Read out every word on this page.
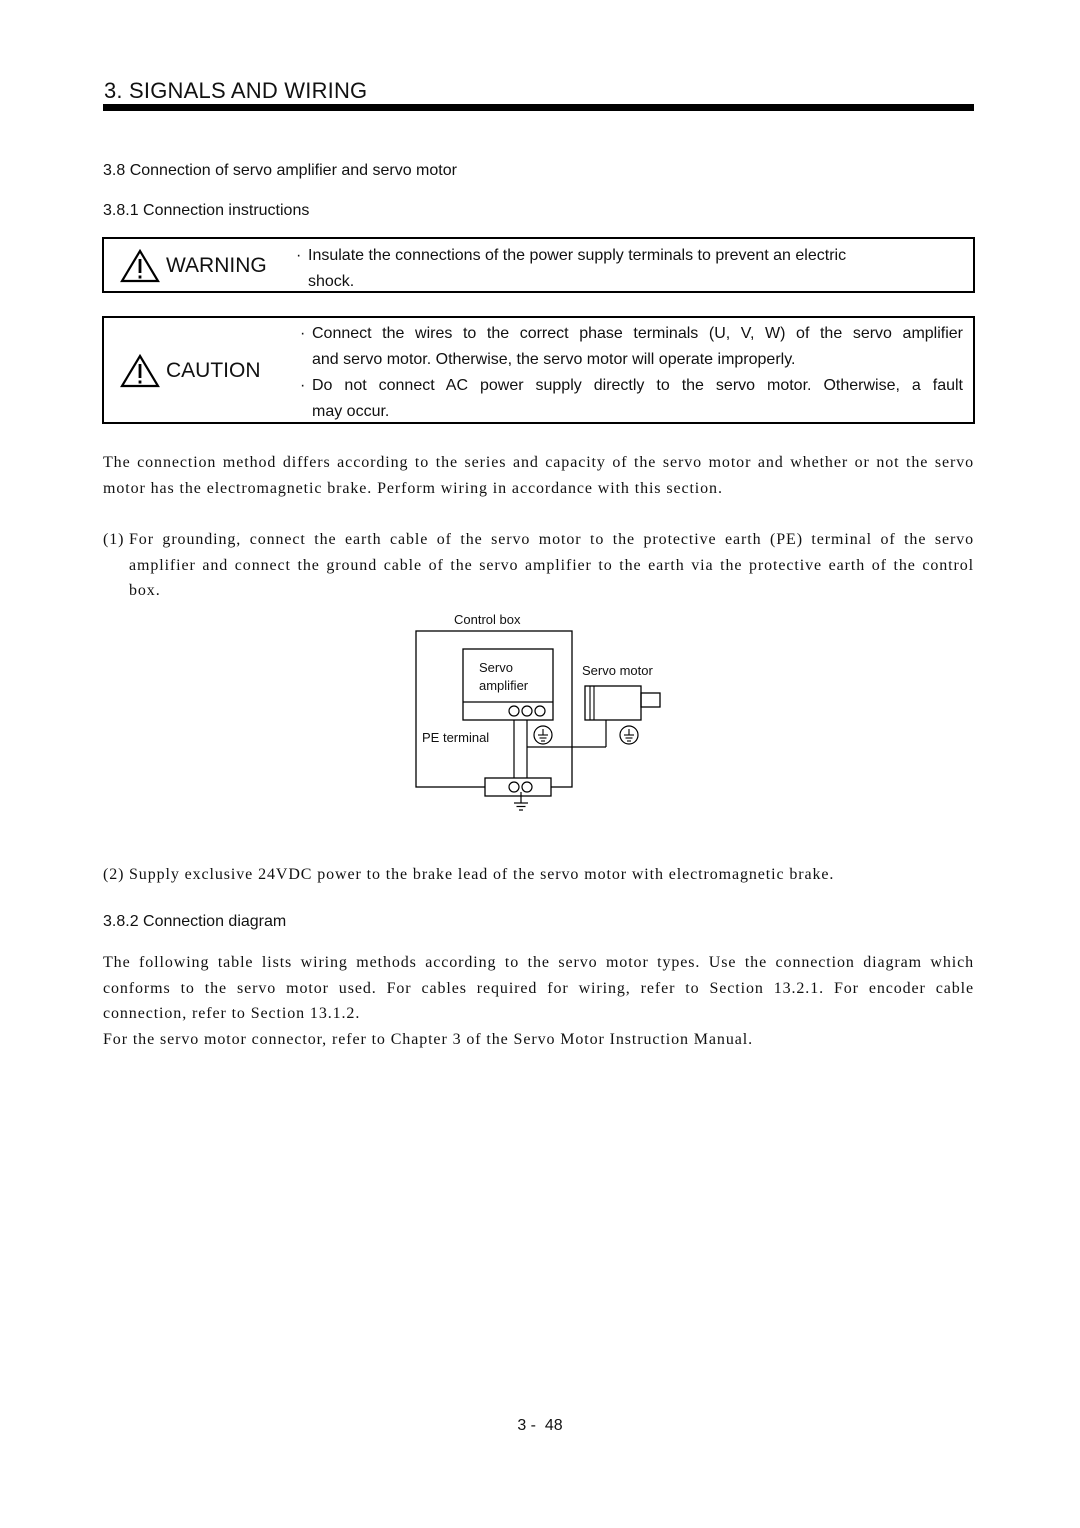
3. SIGNALS AND WIRING
3.8 Connection of servo amplifier and servo motor
3.8.1 Connection instructions
WARNING · Insulate the connections of the power supply terminals to prevent an electric
shock.
CAUTION
· Connect the wires to the correct phase terminals (U, V, W) of the servo amplifier
and servo motor. Otherwise, the servo motor will operate improperly.
· Do not connect AC power supply directly to the servo motor. Otherwise, a fault
may occur.
The connection method differs according to the series and capacity of the servo motor and whether or not the servo motor has the electromagnetic brake. Perform wiring in accordance with this section.
(1) For grounding, connect the earth cable of the servo motor to the protective earth (PE) terminal of the servo amplifier and connect the ground cable of the servo amplifier to the earth via the protective earth of the control box.
Control box
Servo
amplifier
PE terminal
Servo motor
(2) Supply exclusive 24VDC power to the brake lead of the servo motor with electromagnetic brake.
3.8.2 Connection diagram
The following table lists wiring methods according to the servo motor types. Use the connection diagram which conforms to the servo motor used. For cables required for wiring, refer to Section 13.2.1. For encoder cable connection, refer to Section 13.1.2.
For the servo motor connector, refer to Chapter 3 of the Servo Motor Instruction Manual.
3 -  48
